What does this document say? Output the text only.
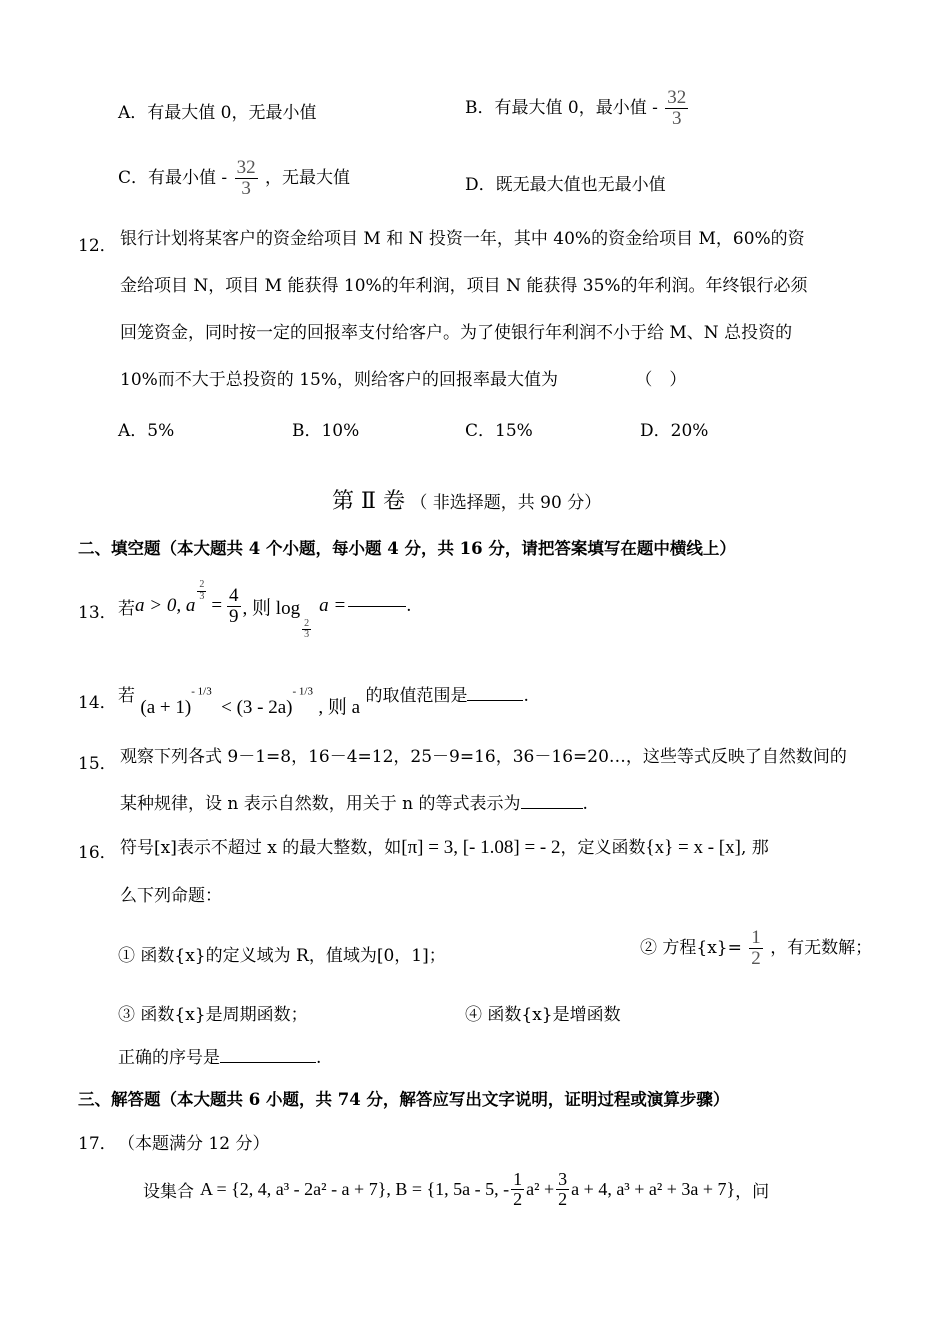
A．有最大值 0，无最小值	B．有最大值 0，最小值 - $\frac{32}{3}$
C．有最小值 - $\frac{32}{3}$ ，无最大值	D．既无最大值也无最小值
12． 银行计划将某客户的资金给项目 M 和 N 投资一年，其中 40%的资金给项目 M，60%的资
金给项目 N，项目 M 能获得 10%的年利润，项目 N 能获得 35%的年利润。年终银行必须
回笼资金，同时按一定的回报率支付给客户。为了使银行年利润不小于给 M、N 总投资的
10%而不大于总投资的 15%，则给客户的回报率最大值为	（　）
A．5%	B．10%	C．15%	D．20%
第 Ⅱ 卷 （ 非选择题，共 90 分）
二、填空题（本大题共 4 个小题，每小题 4 分，共 16 分，请把答案填写在题中横线上）
13． 若 a > 0, a
$\frac{2}{3}$
= $\frac{4}{9}$ , 则 log
$\frac{2}{3}$
a =	.
14． 若 $(a + 1)^{- 1/3} < (3 - 2a)^{- 1/3}$ , 则 a 的取值范围是	.
15． 观察下列各式 9－1=8，16－4=12，25－9=16，36－16=20…，这些等式反映了自然数间的
某种规律，设 n 表示自然数，用关于 n 的等式表示为	.
16． 符号[x]表示不超过 x 的最大整数，如[π] = 3, [- 1.08] = - 2，定义函数{x} = x - [x], 那
么下列命题：
① 函数{x}的定义域为 R，值域为[0，1]；	② 方程$\{x\}= \frac{1}{2}$ ，有无数解；
③ 函数{x}是周期函数；	④ 函数{x}是增函数
正确的序号是	.
三、解答题（本大题共 6 小题，共 74 分，解答应写出文字说明，证明过程或演算步骤）
17． （本题满分 12 分）
设集合 A = {2, 4, a³ - 2a² - a + 7}, B = {1, 5a - 5, - $\frac{1}{2} a^2 + \frac{3}{2}$ a + 4, a³ + a² + 3a + 7} ，问
